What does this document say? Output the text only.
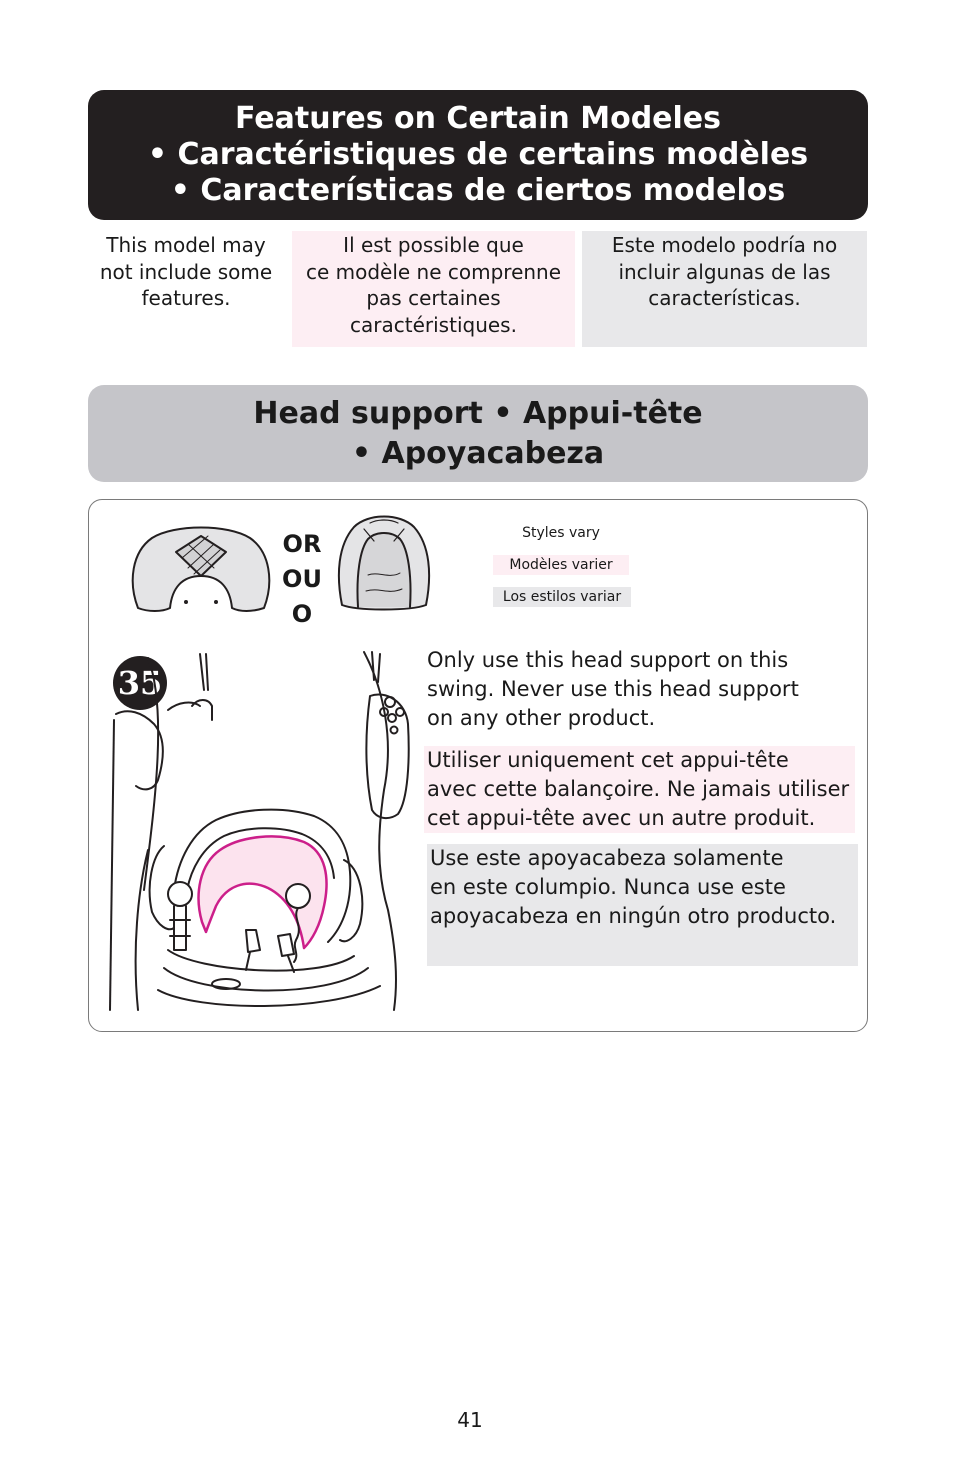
Features on Certain Modeles
• Caractéristiques de certains modèles
• Características de ciertos modelos
This model may
not include some
features.
Il est possible que
ce modèle ne comprenne
pas certaines
caractéristiques.
Este modelo podría no
incluir algunas de las
características.
Head support • Appui-tête
• Apoyacabeza
OR
OU
O
Styles vary
Modèles varier
Los estilos variar
35
Only use this head support on this
swing. Never use this head support
on any other product.
Utiliser uniquement cet appui-tête
avec cette balançoire. Ne jamais utiliser
cet appui-tête avec un autre produit.
Use este apoyacabeza solamente
en este columpio. Nunca use este
apoyacabeza en ningún otro producto.
41
